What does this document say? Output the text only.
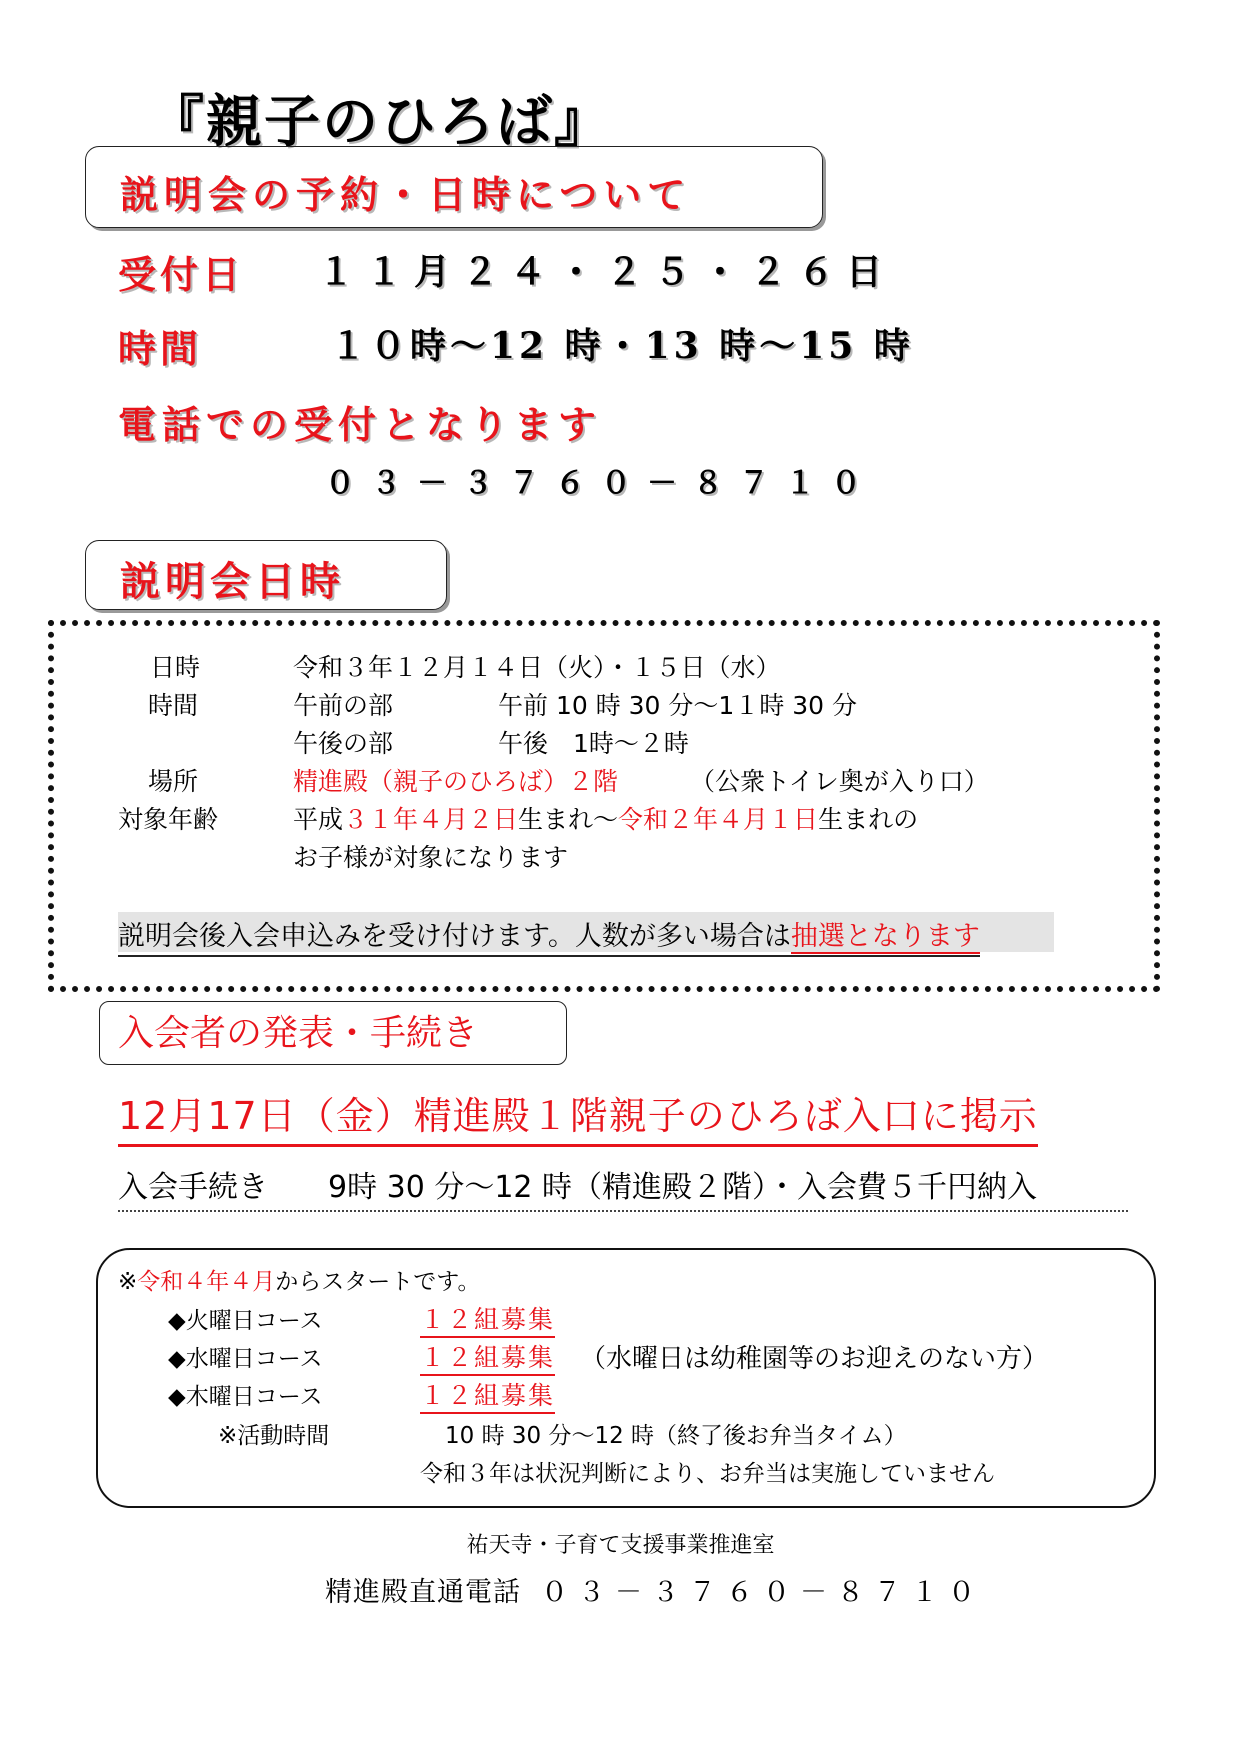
『親子のひろば』
説明会の予約・日時について
受付日 １１月２４・２５・２６日
時間	１０時～12 時・13 時～15 時
電話での受付となります
０３－３７６０－８７１０
説明会日時
日時	令和３年１２月１４日（火）・１５日（水）
時間	午前の部	午前 10 時 30 分～1１時 30 分
午後の部	午後　1時～２時
場所	精進殿（親子のひろば）２階	（公衆トイレ奥が入り口）
対象年齢	平成３１年４月２日生まれ～令和２年４月１日生まれの
お子様が対象になります
説明会後入会申込みを受け付けます。人数が多い場合は抽選となります
入会者の発表・手続き
12月17日（金）精進殿１階親子のひろば入口に掲示
入会手続き 9時 30 分～12 時（精進殿２階）・入会費５千円納入
※令和４年４月からスタートです。
◆火曜日コース	１２組募集
◆水曜日コース	１２組募集 （水曜日は幼稚園等のお迎えのない方）
◆木曜日コース	１２組募集
※活動時間	10 時 30 分～12 時（終了後お弁当タイム）
令和３年は状況判断により、お弁当は実施していません
祐天寺・子育て支援事業推進室
精進殿直通電話 ０３－３７６０－８７１０
